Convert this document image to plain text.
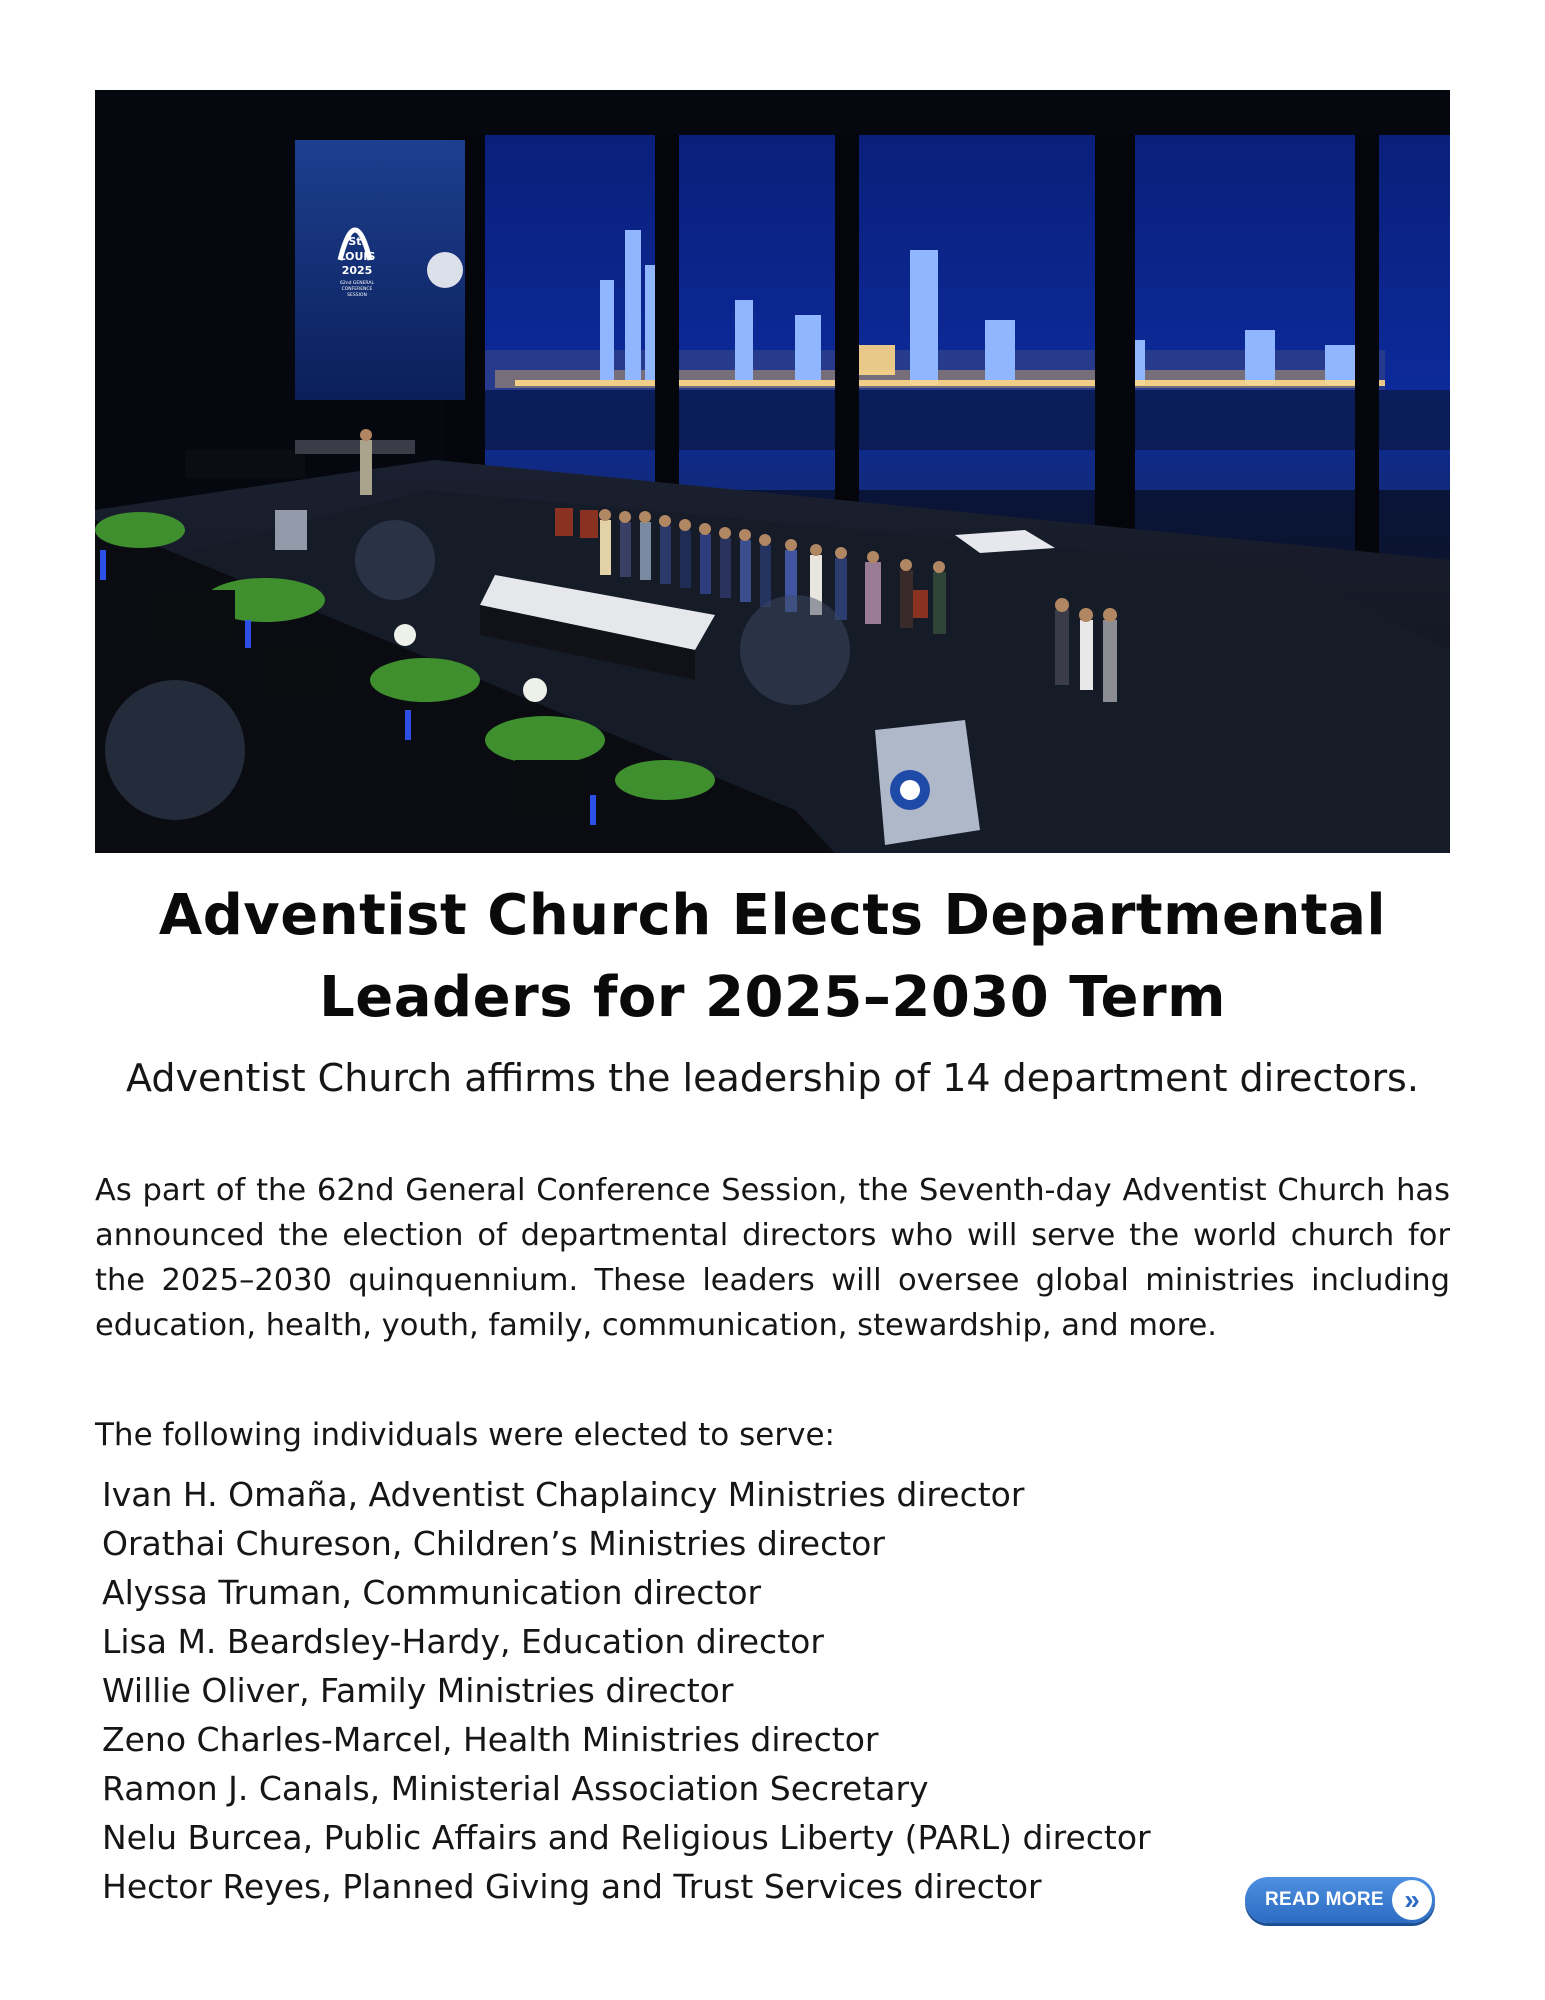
St.
LOUIS
2025
62nd GENERAL
CONFERENCE
SESSION
Adventist Church Elects Departmental
Leaders for 2025–2030 Term

Adventist Church affirms the leadership of 14 department directors.

As part of the 62nd General Conference Session, the Seventh-day Adventist Church has announced the election of departmental directors who will serve the world church for the 2025–2030 quinquennium. These leaders will oversee global ministries including education, health, youth, family, communication, stewardship, and more.

The following individuals were elected to serve:

Ivan H. Omaña, Adventist Chaplaincy Ministries director
Orathai Chureson, Children’s Ministries director
Alyssa Truman, Communication director
Lisa M. Beardsley-Hardy, Education director
Willie Oliver, Family Ministries director
Zeno Charles-Marcel, Health Ministries director
Ramon J. Canals, Ministerial Association Secretary
Nelu Burcea, Public Affairs and Religious Liberty (PARL) director
Hector Reyes, Planned Giving and Trust Services director	READ MORE »
